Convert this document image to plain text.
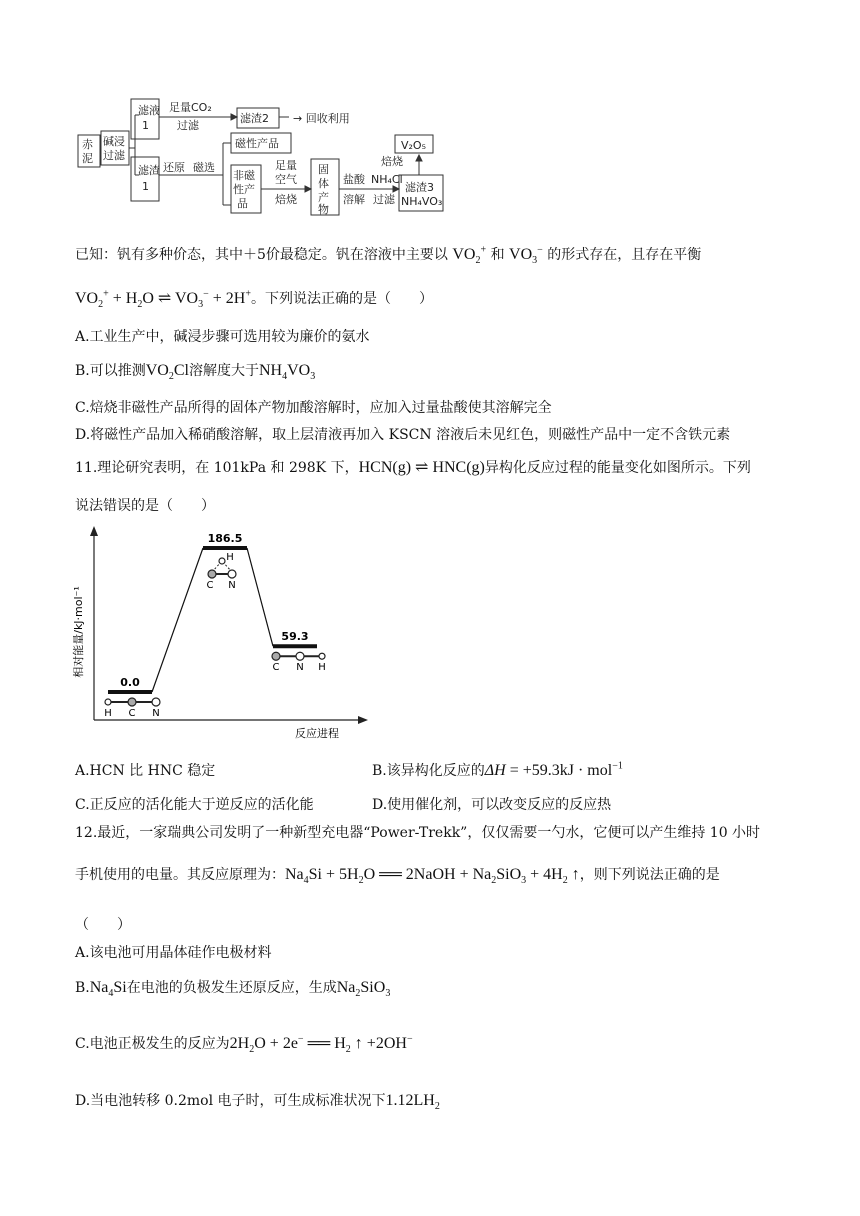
赤
泥
碱浸
过滤
滤液
1
滤渣
1
足量CO₂
过滤
滤渣2 → 回收利用
还原 磁选
磁性产品
非磁
性产
品
足量
空气
焙烧
固
体
产
物
盐酸
溶解
NH₄Cl
过滤
滤渣3
NH₄VO₃
焙烧
V₂O₅
已知：钒有多种价态，其中＋5价最稳定。钒在溶液中主要以 $VO_2^+$ 和 $VO_3^-$ 的形式存在，且存在平衡
$VO_2^+ + H_2O$ ⇌ $VO_3^- + 2H^+$。下列说法正确的是（　　）
A.工业生产中，碱浸步骤可选用较为廉价的氨水
B.可以推测$VO_2Cl$溶解度大于$NH_4VO_3$
C.焙烧非磁性产品所得的固体产物加酸溶解时，应加入过量盐酸使其溶解完全
D.将磁性产品加入稀硝酸溶解，取上层清液再加入 KSCN 溶液后未见红色，则磁性产品中一定不含铁元素
11.理论研究表明，在 101kPa 和 298K 下，HCN(g) ⇌ HNC(g)异构化反应过程的能量变化如图所示。下列
说法错误的是（　　）
相对能量/kJ·mol⁻¹
反应进程
0.0
186.5
59.3
H C N
H
C N
C N H
A.HCN 比 HNC 稳定	B.该异构化反应的ΔH = +59.3kJ · mol$^{-1}$
C.正反应的活化能大于逆反应的活化能	D.使用催化剂，可以改变反应的反应热
12.最近，一家瑞典公司发明了一种新型充电器“Power-Trekk”，仅仅需要一勺水，它便可以产生维持 10 小时
手机使用的电量。其反应原理为：$Na_4Si + 5H_2O$ ══ 2NaOH + $Na_2SiO_3 + 4H_2$ ↑，则下列说法正确的是
（　　）
A.该电池可用晶体硅作电极材料
$B.Na_4Si$在电池的负极发生还原反应，生成$Na_2SiO_3$
C.电池正极发生的反应为$2H_2O + 2e^-$ ══ $H_2$ ↑ +2OH−
D.当电池转移 0.2mol 电子时，可生成标准状况下$1.12LH_2$
